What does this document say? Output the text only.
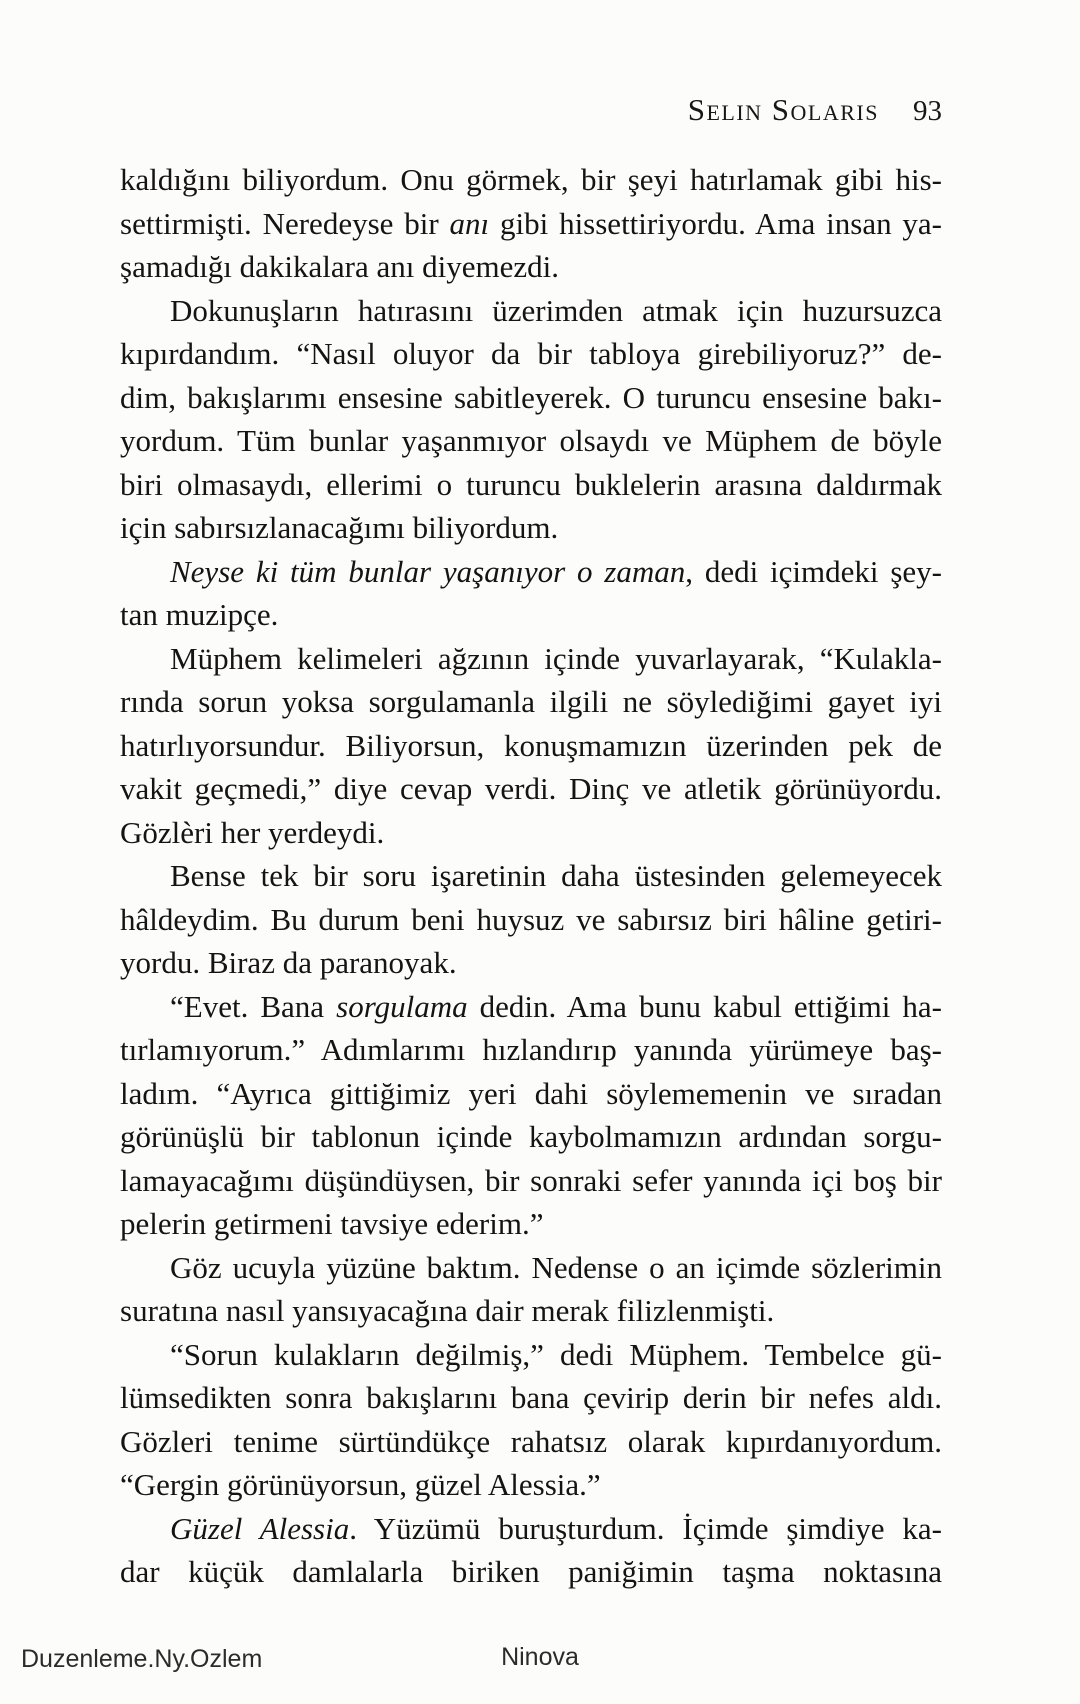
Selin Solaris 93
kaldığını biliyordum. Onu görmek, bir şeyi hatırlamak gibi his-
settirmişti. Neredeyse bir anı gibi hissettiriyordu. Ama insan ya-
şamadığı dakikalara anı diyemezdi.
Dokunuşların hatırasını üzerimden atmak için huzursuzca
kıpırdandım. “Nasıl oluyor da bir tabloya girebiliyoruz?” de-
dim, bakışlarımı ensesine sabitleyerek. O turuncu ensesine bakı-
yordum. Tüm bunlar yaşanmıyor olsaydı ve Müphem de böyle
biri olmasaydı, ellerimi o turuncu buklelerin arasına daldırmak
için sabırsızlanacağımı biliyordum.
Neyse ki tüm bunlar yaşanıyor o zaman, dedi içimdeki şey-
tan muzipçe.
Müphem kelimeleri ağzının içinde yuvarlayarak, “Kulakla-
rında sorun yoksa sorgulamanla ilgili ne söylediğimi gayet iyi
hatırlıyorsundur. Biliyorsun, konuşmamızın üzerinden pek de
vakit geçmedi,” diye cevap verdi. Dinç ve atletik görünüyordu.
Gözlèri her yerdeydi.
Bense tek bir soru işaretinin daha üstesinden gelemeyecek
hâldeydim. Bu durum beni huysuz ve sabırsız biri hâline getiri-
yordu. Biraz da paranoyak.
“Evet. Bana sorgulama dedin. Ama bunu kabul ettiğimi ha-
tırlamıyorum.” Adımlarımı hızlandırıp yanında yürümeye baş-
ladım. “Ayrıca gittiğimiz yeri dahi söylememenin ve sıradan
görünüşlü bir tablonun içinde kaybolmamızın ardından sorgu-
lamayacağımı düşündüysen, bir sonraki sefer yanında içi boş bir
pelerin getirmeni tavsiye ederim.”
Göz ucuyla yüzüne baktım. Nedense o an içimde sözlerimin
suratına nasıl yansıyacağına dair merak filizlenmişti.
“Sorun kulakların değilmiş,” dedi Müphem. Tembelce gü-
lümsedikten sonra bakışlarını bana çevirip derin bir nefes aldı.
Gözleri tenime sürtündükçe rahatsız olarak kıpırdanıyordum.
“Gergin görünüyorsun, güzel Alessia.”
Güzel Alessia. Yüzümü buruşturdum. İçimde şimdiye ka-
dar küçük damlalarla biriken paniğimin taşma noktasına
Duzenleme.Ny.Ozlem	Ninova
